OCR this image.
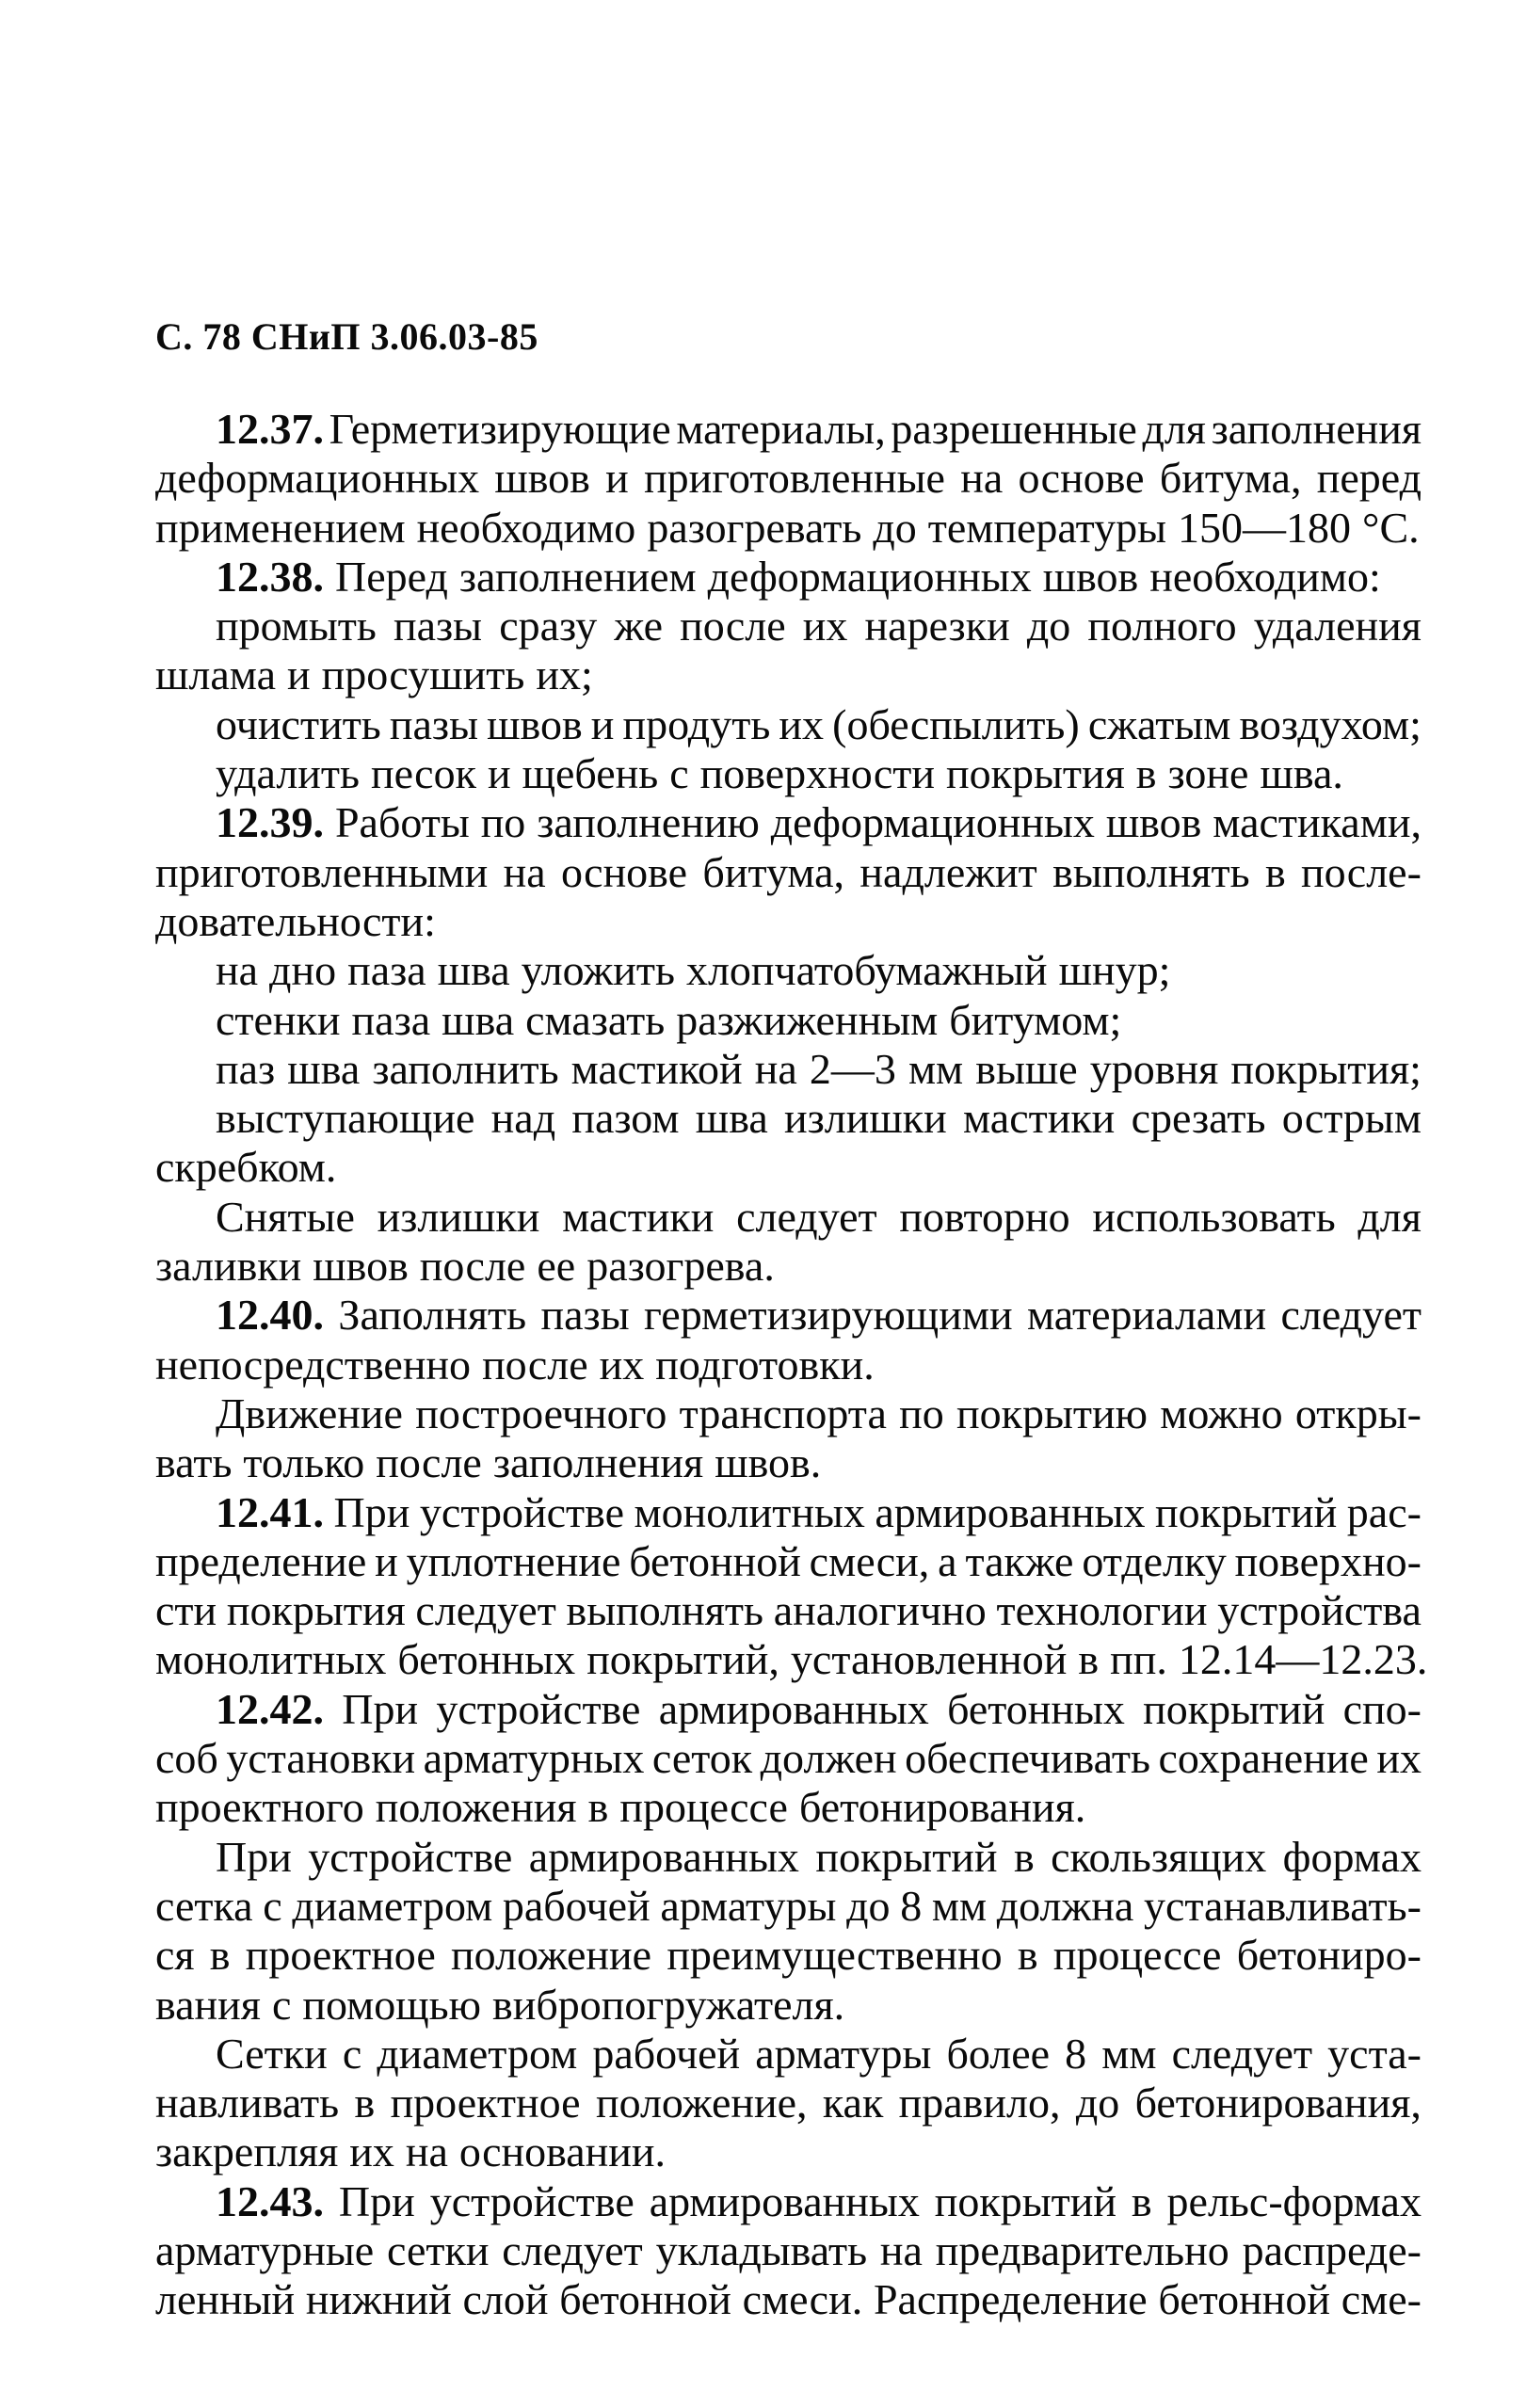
С. 78 СНиП 3.06.03-85
12.37. Герметизирующие материалы, разрешенные для заполнения
деформационных швов и приготовленные на основе битума, перед
применением необходимо разогревать до температуры 150—180 °С.
12.38. Перед заполнением деформационных швов необходимо:
промыть пазы сразу же после их нарезки до полного удаления
шлама и просушить их;
очистить пазы швов и продуть их (обеспылить) сжатым воздухом;
удалить песок и щебень с поверхности покрытия в зоне шва.
12.39. Работы по заполнению деформационных швов мастиками,
приготовленными на основе битума, надлежит выполнять в после-
довательности:
на дно паза шва уложить хлопчатобумажный шнур;
стенки паза шва смазать разжиженным битумом;
паз шва заполнить мастикой на 2—3 мм выше уровня покрытия;
выступающие над пазом шва излишки мастики срезать острым
скребком.
Снятые излишки мастики следует повторно использовать для
заливки швов после ее разогрева.
12.40. Заполнять пазы герметизирующими материалами следует
непосредственно после их подготовки.
Движение построечного транспорта по покрытию можно откры-
вать только после заполнения швов.
12.41. При устройстве монолитных армированных покрытий рас-
пределение и уплотнение бетонной смеси, а также отделку поверхно-
сти покрытия следует выполнять аналогично технологии устройства
монолитных бетонных покрытий, установленной в пп. 12.14—12.23.
12.42. При устройстве армированных бетонных покрытий спо-
соб установки арматурных сеток должен обеспечивать сохранение их
проектного положения в процессе бетонирования.
При устройстве армированных покрытий в скользящих формах
сетка с диаметром рабочей арматуры до 8 мм должна устанавливать-
ся в проектное положение преимущественно в процессе бетониро-
вания с помощью вибропогружателя.
Сетки с диаметром рабочей арматуры более 8 мм следует уста-
навливать в проектное положение, как правило, до бетонирования,
закрепляя их на основании.
12.43. При устройстве армированных покрытий в рельс-формах
арматурные сетки следует укладывать на предварительно распреде-
ленный нижний слой бетонной смеси. Распределение бетонной сме-
